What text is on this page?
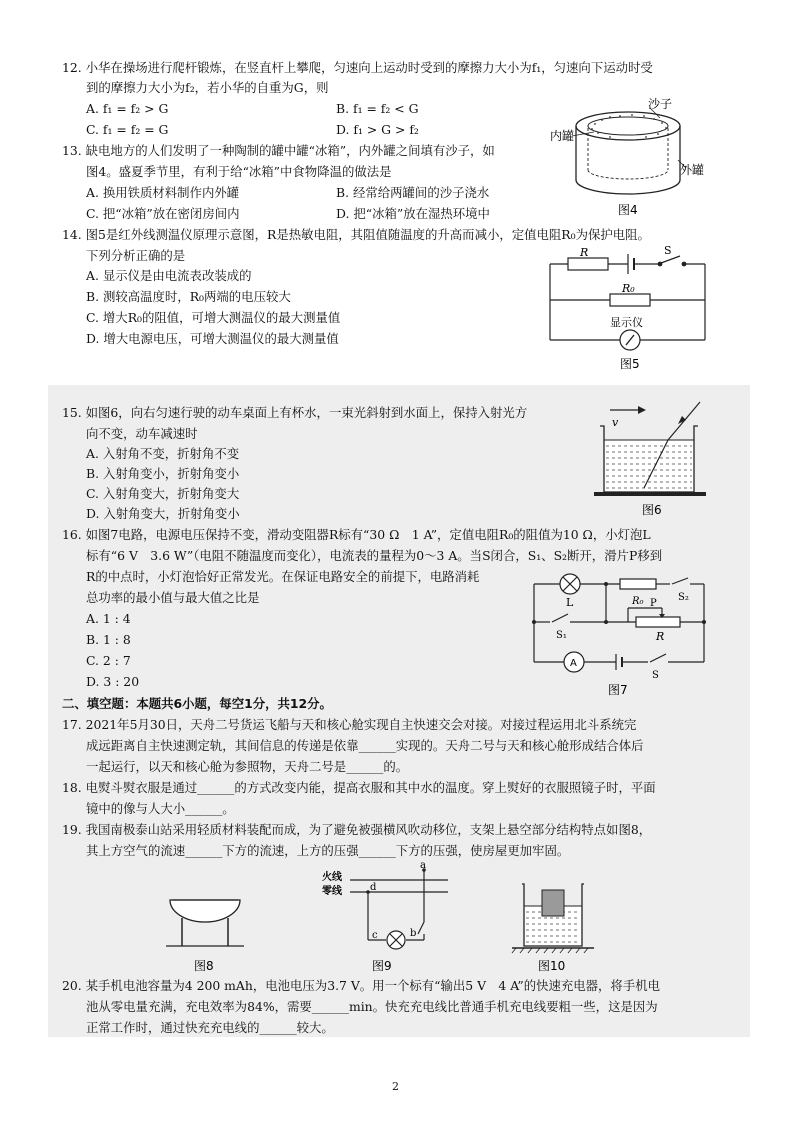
12. 小华在操场进行爬杆锻炼，在竖直杆上攀爬，匀速向上运动时受到的摩擦力大小为f₁，匀速向下运动时受
到的摩擦力大小为f₂，若小华的自重为G，则
A. f₁ = f₂ > G	B. f₁ = f₂ < G
C. f₁ = f₂ = G	D. f₁ > G > f₂
13. 缺电地方的人们发明了一种陶制的罐中罐“冰箱”，内外罐之间填有沙子，如
图4。盛夏季节里，有利于给“冰箱”中食物降温的做法是
A. 换用铁质材料制作内外罐	B. 经常给两罐间的沙子浇水
C. 把“冰箱”放在密闭房间内	D. 把“冰箱”放在湿热环境中
沙子
内罐
外罐
图4
14. 图5是红外线测温仪原理示意图，R是热敏电阻，其阻值随温度的升高而减小，定值电阻R₀为保护电阻。
下列分析正确的是
A. 显示仪是由电流表改装成的
B. 测较高温度时，R₀两端的电压较大
C. 增大R₀的阻值，可增大测温仪的最大测量值
D. 增大电源电压，可增大测温仪的最大测量值
R	S
R₀
显示仪
图5
15. 如图6，向右匀速行驶的动车桌面上有杯水，一束光斜射到水面上，保持入射光方
向不变，动车减速时
A. 入射角不变，折射角不变
B. 入射角变小，折射角变小
C. 入射角变大，折射角变大
D. 入射角变大，折射角变小
v
图6
16. 如图7电路，电源电压保持不变，滑动变阻器R标有“30 Ω　1 A”，定值电阻R₀的阻值为10 Ω，小灯泡L
标有“6 V　3.6 W”（电阻不随温度而变化），电流表的量程为0～3 A。当S闭合，S₁、S₂断开，滑片P移到
R的中点时，小灯泡恰好正常发光。在保证电路安全的前提下，电路消耗
总功率的最小值与最大值之比是
A. 1 : 4
B. 1 : 8
C. 2 : 7
D. 3 : 20
L	R₀ P
S₂
S₁	R
A
S
图7
二、填空题：本题共6小题，每空1分，共12分。
17. 2021年5月30日，天舟二号货运飞船与天和核心舱实现自主快速交会对接。对接过程运用北斗系统完
成远距离自主快速测定轨，其间信息的传递是依靠______实现的。天舟二号与天和核心舱形成结合体后
一起运行，以天和核心舱为参照物，天舟二号是______的。
18. 电熨斗熨衣服是通过______的方式改变内能，提高衣服和其中水的温度。穿上熨好的衣服照镜子时，平面
镜中的像与人大小______。
19. 我国南极泰山站采用轻质材料装配而成，为了避免被强横风吹动移位，支架上悬空部分结构特点如图8，
其上方空气的流速______下方的流速，上方的压强______下方的压强，使房屋更加牢固。
图8
火线
零线
a
d
c	b
图9	图10
20. 某手机电池容量为4 200 mAh，电池电压为3.7 V。用一个标有“输出5 V　4 A”的快速充电器，将手机电
池从零电量充满，充电效率为84%，需要______min。快充充电线比普通手机充电线要粗一些，这是因为
正常工作时，通过快充充电线的______较大。
2
